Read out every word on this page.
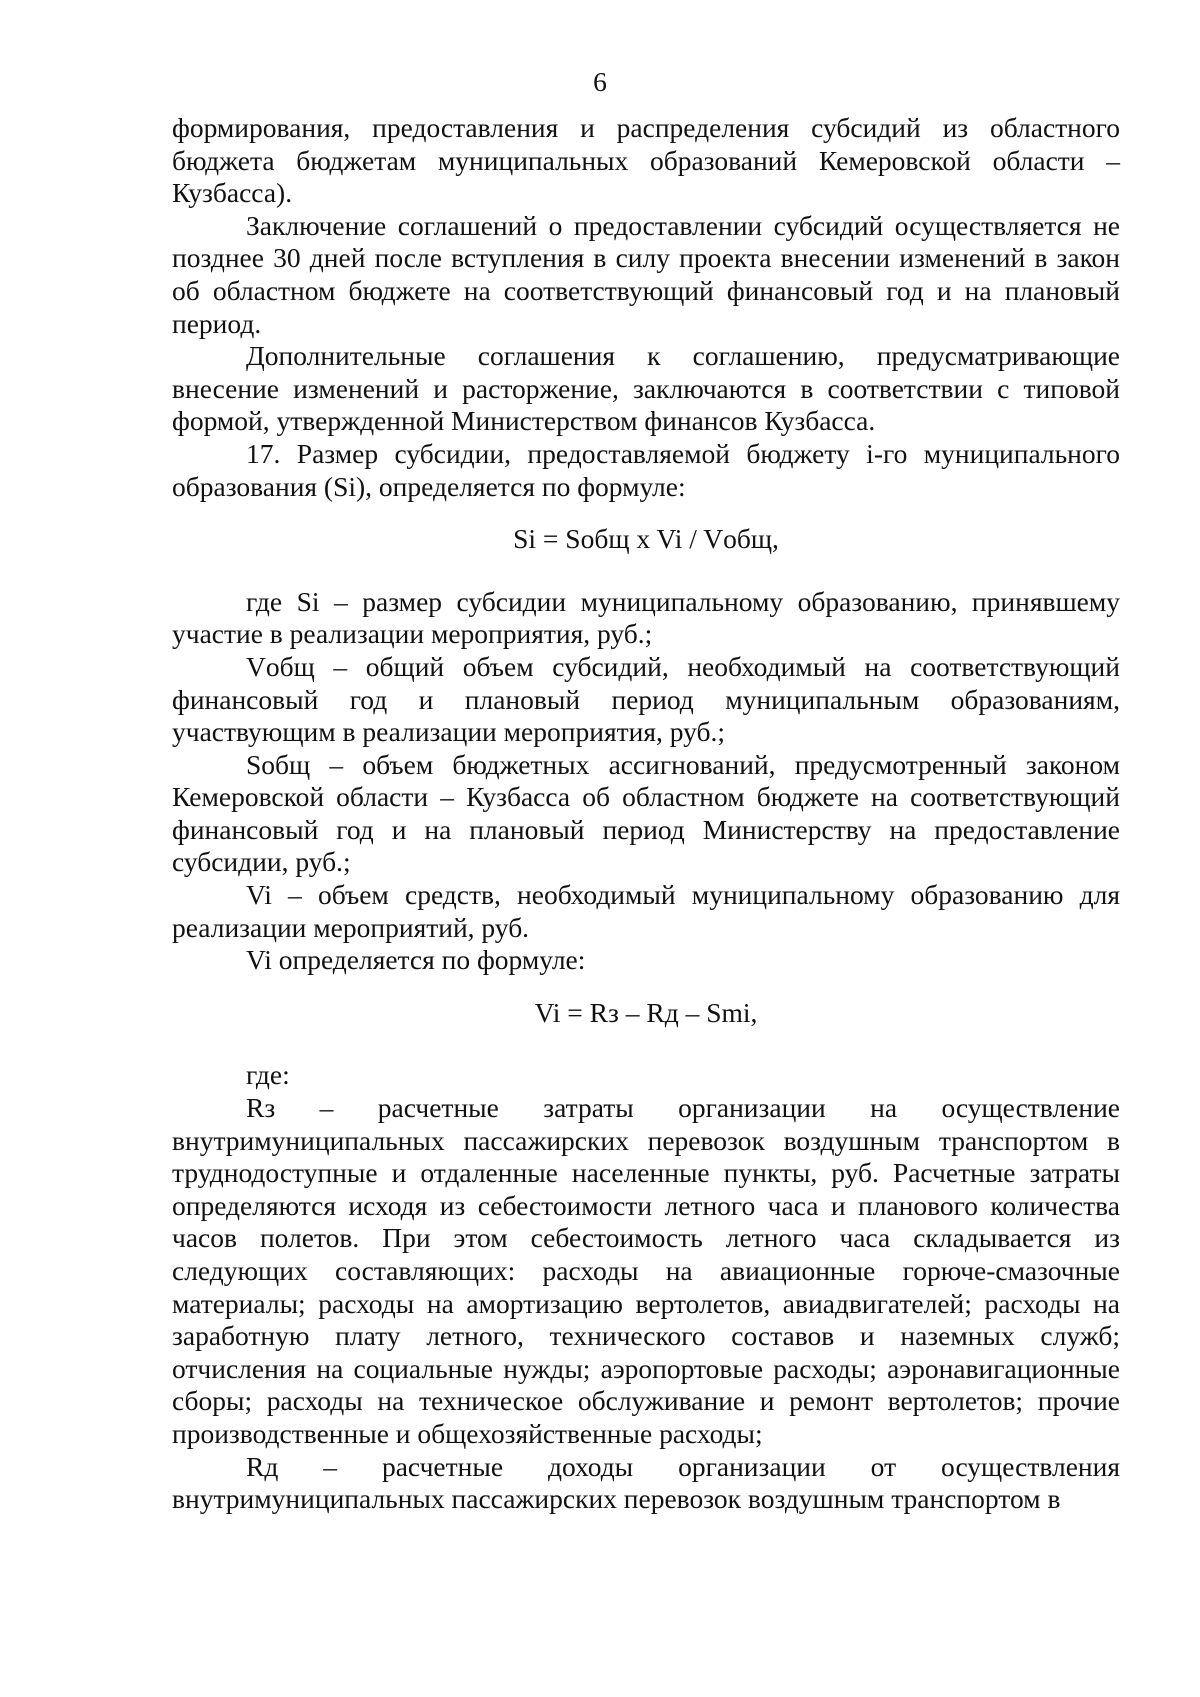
6

формирования, предоставления и распределения субсидий из областного бюджета бюджетам муниципальных образований Кемеровской области – Кузбасса).

Заключение соглашений о предоставлении субсидий осуществляется не позднее 30 дней после вступления в силу проекта внесении изменений в закон об областном бюджете на соответствующий финансовый год и на плановый период.

Дополнительные соглашения к соглашению, предусматривающие внесение изменений и расторжение, заключаются в соответствии с типовой формой, утвержденной Министерством финансов Кузбасса.

17. Размер субсидии, предоставляемой бюджету i-го муниципального образования (Si), определяется по формуле:

Si = Sобщ x Vi / Vобщ,

где Si – размер субсидии муниципальному образованию, принявшему участие в реализации мероприятия, руб.;

Vобщ – общий объем субсидий, необходимый на соответствующий финансовый год и плановый период муниципальным образованиям, участвующим в реализации мероприятия, руб.;

Sобщ – объем бюджетных ассигнований, предусмотренный законом Кемеровской области – Кузбасса об областном бюджете на соответствующий финансовый год и на плановый период Министерству на предоставление субсидии, руб.;

Vi – объем средств, необходимый муниципальному образованию для реализации мероприятий, руб.

Vi определяется по формуле:

Vi = Rз – Rд – Smi,

где:

Rз – расчетные затраты организации на осуществление внутримуниципальных пассажирских перевозок воздушным транспортом в труднодоступные и отдаленные населенные пункты, руб. Расчетные затраты определяются исходя из себестоимости летного часа и планового количества часов полетов. При этом себестоимость летного часа складывается из следующих составляющих: расходы на авиационные горюче-смазочные материалы; расходы на амортизацию вертолетов, авиадвигателей; расходы на заработную плату летного, технического составов и наземных служб; отчисления на социальные нужды; аэропортовые расходы; аэронавигационные сборы; расходы на техническое обслуживание и ремонт вертолетов; прочие производственные и общехозяйственные расходы;

Rд – расчетные доходы организации от осуществления внутримуниципальных пассажирских перевозок воздушным транспортом в
